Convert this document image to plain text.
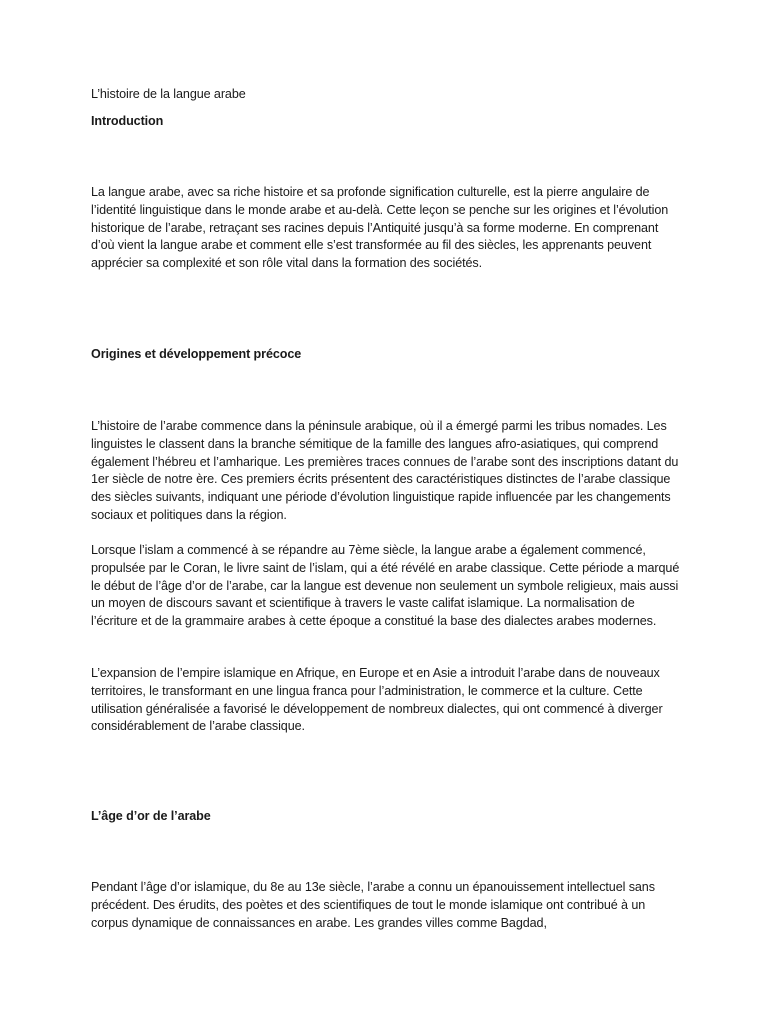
L’histoire de la langue arabe

Introduction

La langue arabe, avec sa riche histoire et sa profonde signification culturelle, est la pierre angulaire de l’identité linguistique dans le monde arabe et au-delà. Cette leçon se penche sur les origines et l’évolution historique de l’arabe, retraçant ses racines depuis l’Antiquité jusqu’à sa forme moderne. En comprenant d’où vient la langue arabe et comment elle s’est transformée au fil des siècles, les apprenants peuvent apprécier sa complexité et son rôle vital dans la formation des sociétés.

Origines et développement précoce

L’histoire de l’arabe commence dans la péninsule arabique, où il a émergé parmi les tribus nomades. Les linguistes le classent dans la branche sémitique de la famille des langues afro-asiatiques, qui comprend également l’hébreu et l’amharique. Les premières traces connues de l’arabe sont des inscriptions datant du 1er siècle de notre ère. Ces premiers écrits présentent des caractéristiques distinctes de l’arabe classique des siècles suivants, indiquant une période d’évolution linguistique rapide influencée par les changements sociaux et politiques dans la région.

Lorsque l’islam a commencé à se répandre au 7ème siècle, la langue arabe a également commencé, propulsée par le Coran, le livre saint de l’islam, qui a été révélé en arabe classique. Cette période a marqué le début de l’âge d’or de l’arabe, car la langue est devenue non seulement un symbole religieux, mais aussi un moyen de discours savant et scientifique à travers le vaste califat islamique. La normalisation de l’écriture et de la grammaire arabes à cette époque a constitué la base des dialectes arabes modernes.

L’expansion de l’empire islamique en Afrique, en Europe et en Asie a introduit l’arabe dans de nouveaux territoires, le transformant en une lingua franca pour l’administration, le commerce et la culture. Cette utilisation généralisée a favorisé le développement de nombreux dialectes, qui ont commencé à diverger considérablement de l’arabe classique.

L’âge d’or de l’arabe

Pendant l’âge d’or islamique, du 8e au 13e siècle, l’arabe a connu un épanouissement intellectuel sans précédent. Des érudits, des poètes et des scientifiques de tout le monde islamique ont contribué à un corpus dynamique de connaissances en arabe. Les grandes villes comme Bagdad,
